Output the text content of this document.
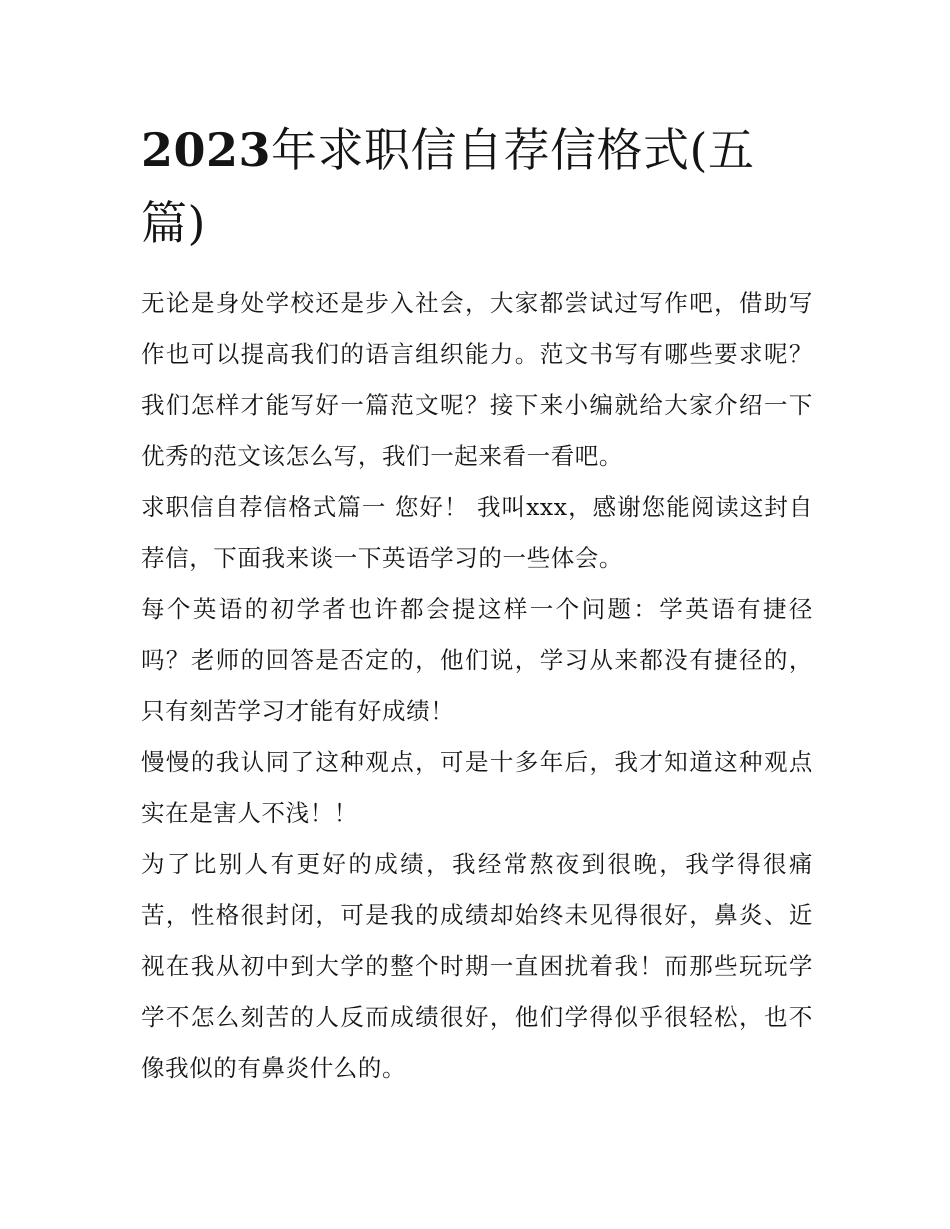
2023年求职信自荐信格式(五篇)

无论是身处学校还是步入社会，大家都尝试过写作吧，借助写作也可以提高我们的语言组织能力。范文书写有哪些要求呢？我们怎样才能写好一篇范文呢？接下来小编就给大家介绍一下优秀的范文该怎么写，我们一起来看一看吧。

求职信自荐信格式篇一 您好！ 我叫xxx，感谢您能阅读这封自荐信，下面我来谈一下英语学习的一些体会。

每个英语的初学者也许都会提这样一个问题：学英语有捷径吗？老师的回答是否定的，他们说，学习从来都没有捷径的，只有刻苦学习才能有好成绩！

慢慢的我认同了这种观点，可是十多年后，我才知道这种观点实在是害人不浅！！

为了比别人有更好的成绩，我经常熬夜到很晚，我学得很痛苦，性格很封闭，可是我的成绩却始终未见得很好，鼻炎、近视在我从初中到大学的整个时期一直困扰着我！而那些玩玩学学不怎么刻苦的人反而成绩很好，他们学得似乎很轻松，也不像我似的有鼻炎什么的。
